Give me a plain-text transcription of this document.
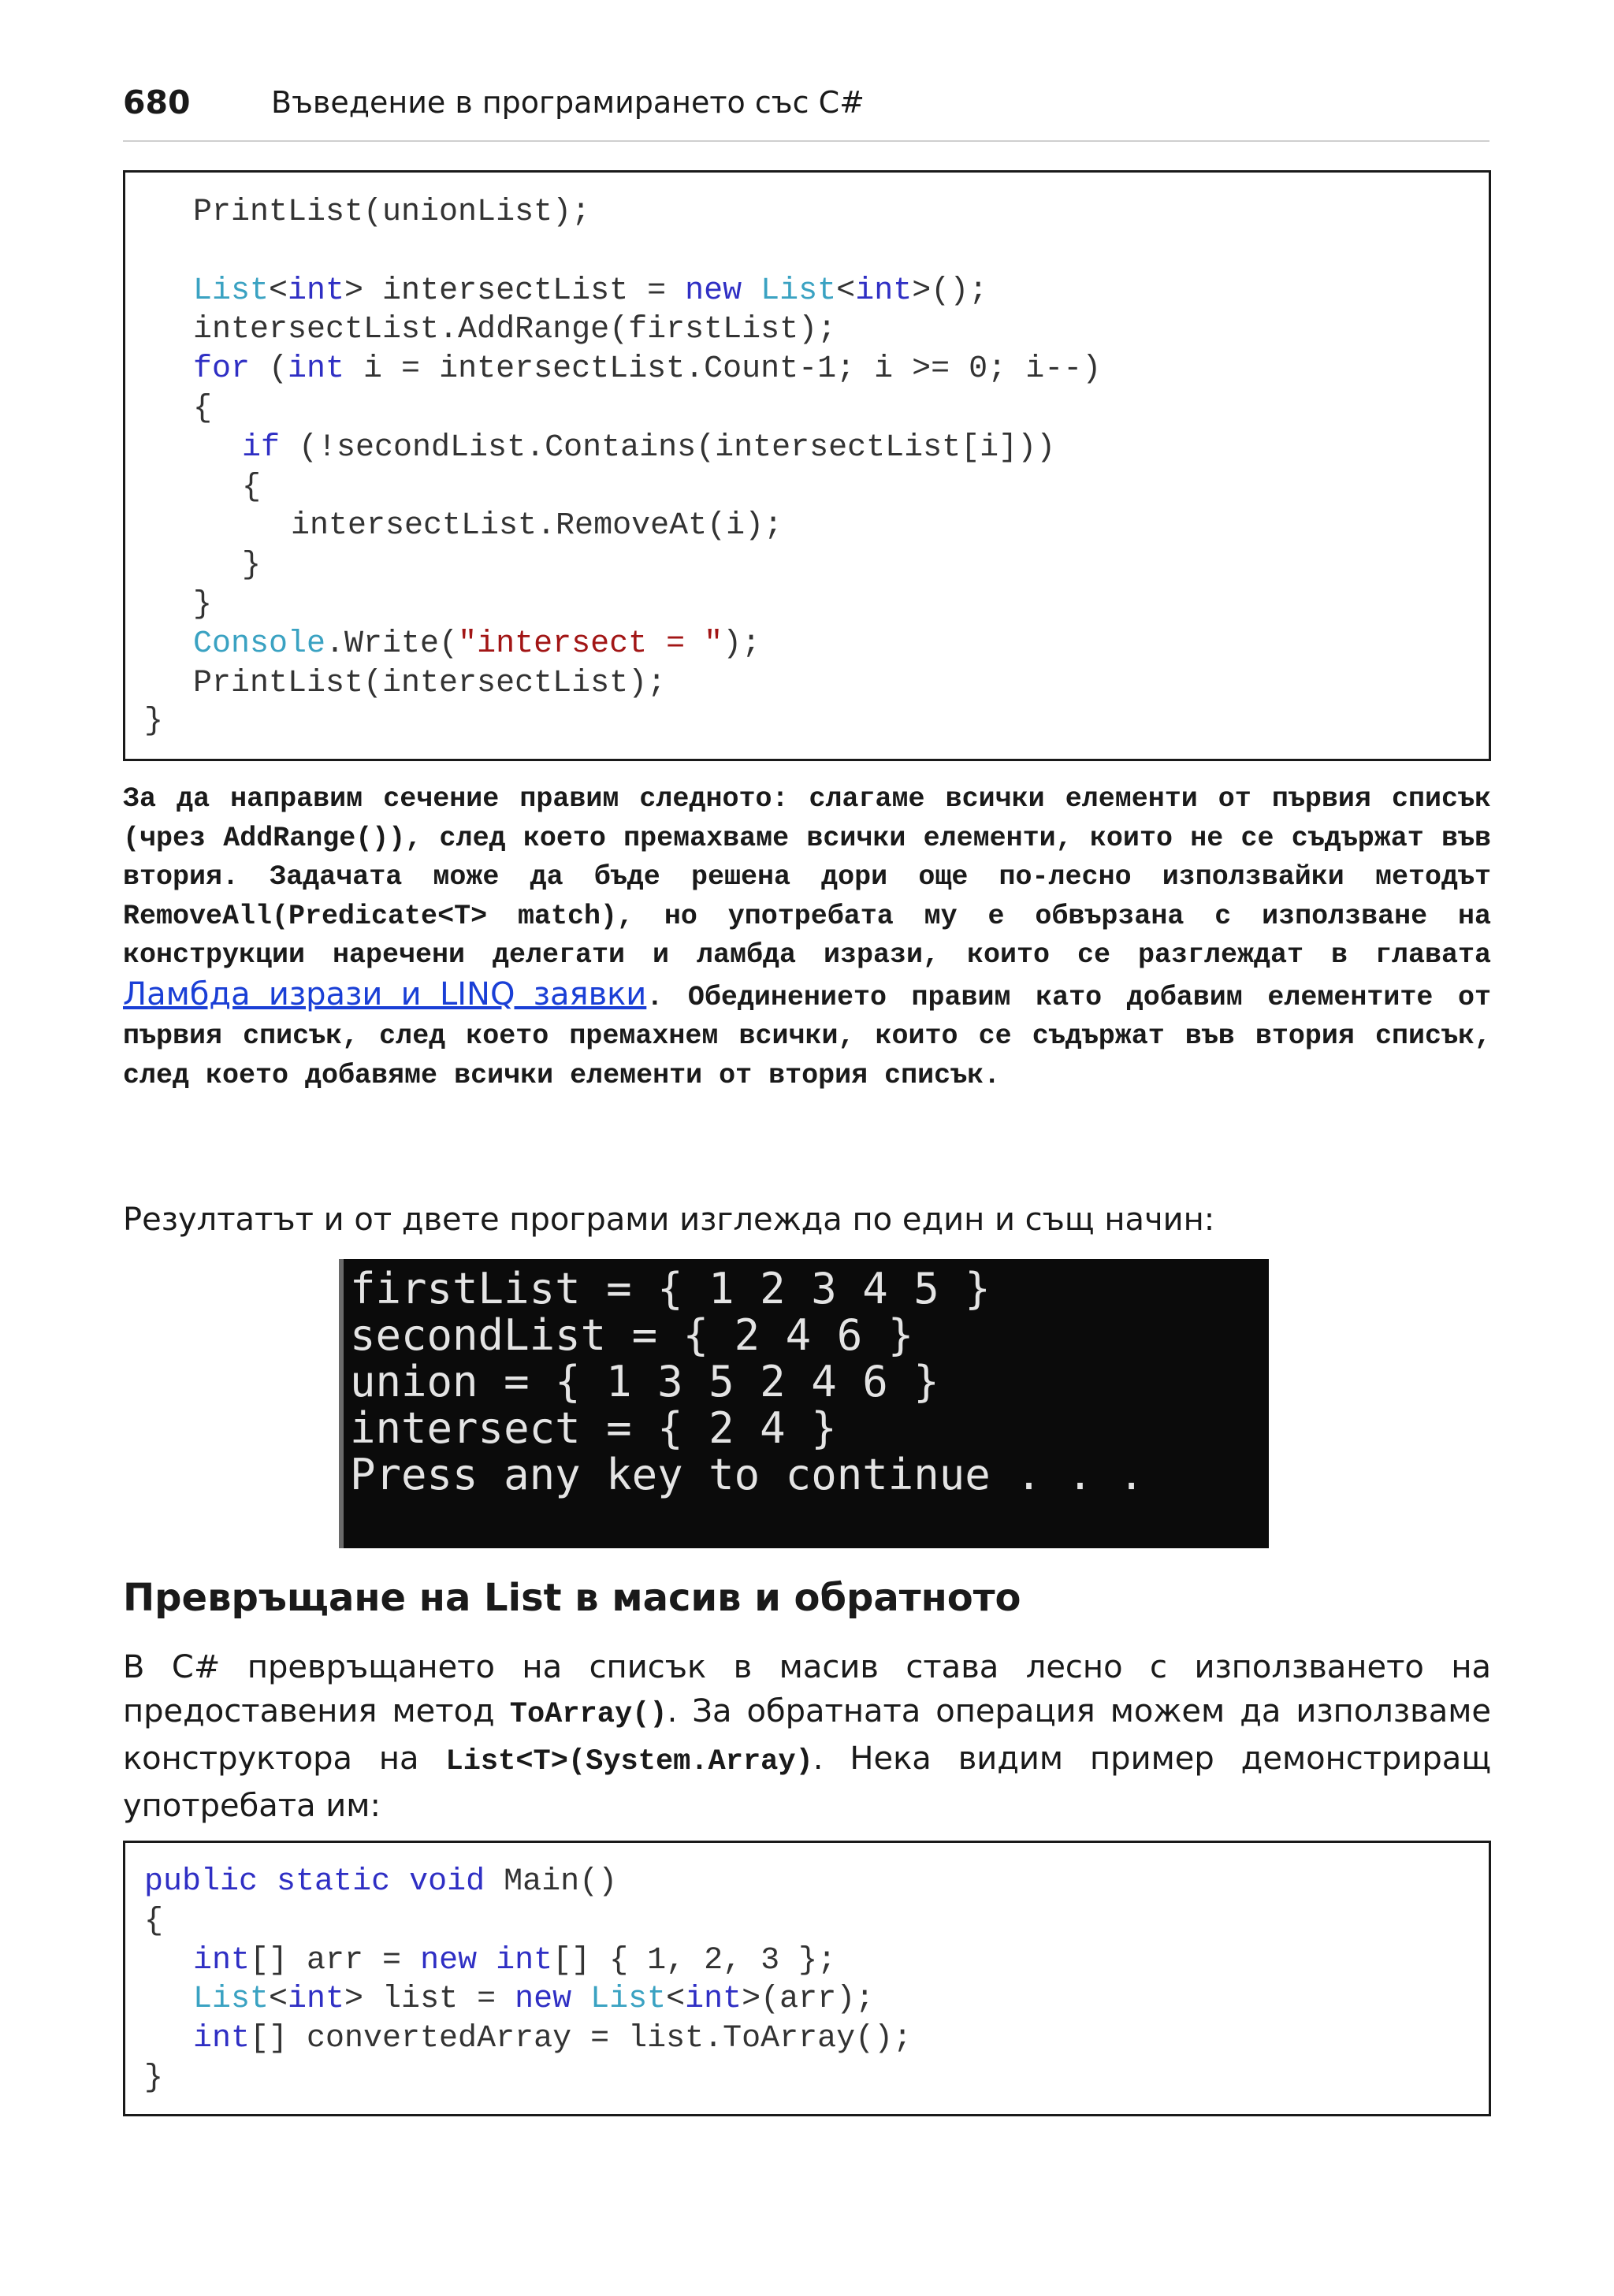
680	Въведение в програмирането със C#
PrintList(unionList);
List<int> intersectList = new List<int>();
intersectList.AddRange(firstList);
for (int i = intersectList.Count-1; i >= 0; i--)
{
if (!secondList.Contains(intersectList[i]))
{
intersectList.RemoveAt(i);
}
}
Console.Write("intersect = ");
PrintList(intersectList);
}
За да направим сечение правим следното: слагаме всички елементи от първия списък (чрез AddRange()), след което премахваме всички елементи, които не се съдържат във втория. Задачата може да бъде решена дори още по-лесно използвайки методът RemoveAll(Predicate<T> match), но употребата му е обвързана с използване на конструкции наречени делегати и ламбда изрази, които се разглеждат в главата Ламбда изрази и LINQ заявки. Обединението правим като добавим елементите от първия списък, след което премахнем всички, които се съдържат във втория списък, след което добавяме всички елементи от втория списък.
Резултатът и от двете програми изглежда по един и същ начин:
firstList = { 1 2 3 4 5 }
secondList = { 2 4 6 }
union = { 1 3 5 2 4 6 }
intersect = { 2 4 }
Press any key to continue . . .
Превръщане на List в масив и обратното
В C# превръщането на списък в масив става лесно с използването на предоставения метод ToArray(). За обратната операция можем да използваме конструктора на List<T>(System.Array). Нека видим пример демонстриращ употребата им:
public static void Main()
{
int[] arr = new int[] { 1, 2, 3 };
List<int> list = new List<int>(arr);
int[] convertedArray = list.ToArray();
}
